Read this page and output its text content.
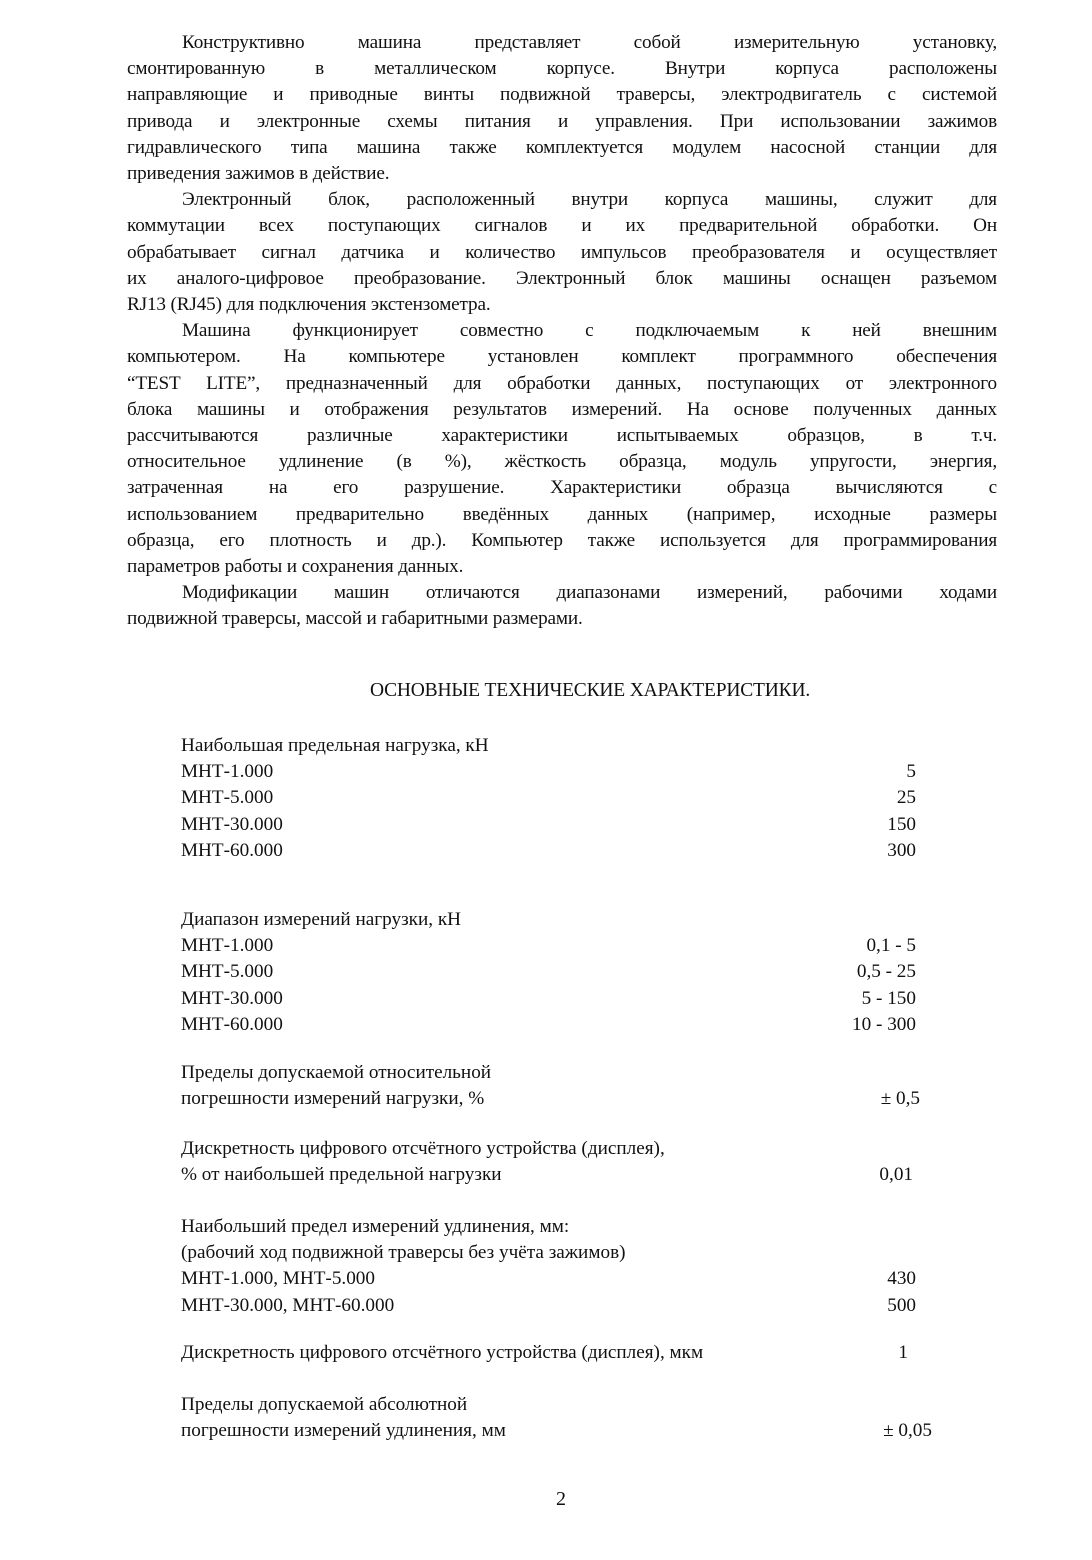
Конструктивно машина представляет собой измерительную установку,
смонтированную в металлическом корпусе. Внутри корпуса расположены
направляющие и приводные винты подвижной траверсы, электродвигатель с системой
привода и электронные схемы питания и управления. При использовании зажимов
гидравлического типа машина также комплектуется модулем насосной станции для
приведения зажимов в действие.

Электронный блок, расположенный внутри корпуса машины, служит для
коммутации всех поступающих сигналов и их предварительной обработки. Он
обрабатывает сигнал датчика и количество импульсов преобразователя и осуществляет
их аналого-цифровое преобразование. Электронный блок машины оснащен разъемом
RJ13 (RJ45) для подключения экстензометра.

Машина функционирует совместно с подключаемым к ней внешним
компьютером. На компьютере установлен комплект программного обеспечения
“TEST LITE”, предназначенный для обработки данных, поступающих от электронного
блока машины и отображения результатов измерений. На основе полученных данных
рассчитываются различные характеристики испытываемых образцов, в т.ч.
относительное удлинение (в %), жёсткость образца, модуль упругости, энергия,
затраченная на его разрушение. Характеристики образца вычисляются с
использованием предварительно введённых данных (например, исходные размеры
образца, его плотность и др.). Компьютер также используется для программирования
параметров работы и сохранения данных.

Модификации машин отличаются диапазонами измерений, рабочими ходами
подвижной траверсы, массой и габаритными размерами.

ОСНОВНЫЕ ТЕХНИЧЕСКИЕ ХАРАКТЕРИСТИКИ.
Наибольшая предельная нагрузка, кН
МНТ-1.000	5
МНТ-5.000	25
МНТ-30.000	150
МНТ-60.000	300
Диапазон измерений нагрузки, кН
МНТ-1.000	0,1 - 5
МНТ-5.000	0,5 - 25
МНТ-30.000	5 - 150
МНТ-60.000	10 - 300
Пределы допускаемой относительной
погрешности измерений нагрузки, %	± 0,5
Дискретность цифрового отсчётного устройства (дисплея),
% от наибольшей предельной нагрузки	0,01
Наибольший предел измерений удлинения, мм:
(рабочий ход подвижной траверсы без учёта зажимов)
МНТ-1.000, МНТ-5.000	430
МНТ-30.000, МНТ-60.000	500
Дискретность цифрового отсчётного устройства (дисплея), мкм	1
Пределы допускаемой абсолютной
погрешности измерений удлинения, мм	± 0,05
2
